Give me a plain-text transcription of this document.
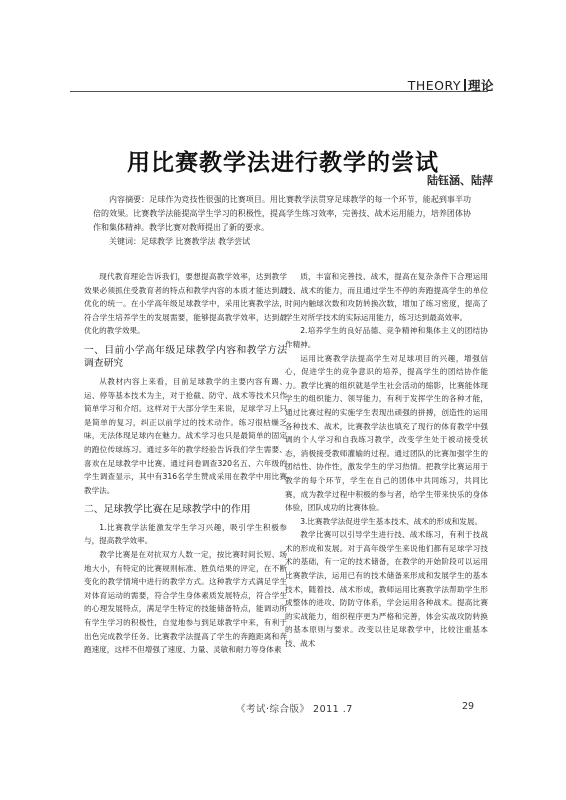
THEORY 理论
用比赛教学法进行教学的尝试
陆钰涵、陆萍
内容摘要：足球作为竞技性很强的比赛项目。用比赛教学法贯穿足球教学的每一个环节，能起到事半功倍的效果。比赛教学法能提高学生学习的积极性，提高学生练习效率，完善技、战术运用能力，培养团体协作和集体精神。教学比赛对教师提出了新的要求。
关键词：足球教学 比赛教学法 教学尝试

现代教育理论告诉我们，要想提高教学效率，达到教学效果必须抓住受教育者的特点和教学内容的本质才能达到最优化的统一。在小学高年级足球教学中，采用比赛教学法，符合学生培养学生的发展需要，能够提高教学效率，达到最优化的教学效果。

一、目前小学高年级足球教学内容和教学方法调查研究

从教材内容上来看，目前足球教学的主要内容有踢、运、停等基本技术为主，对于抢截、防守、战术等技术只作简单学习和介绍。这样对于大部分学生来说，足球学习上只是简单的复习，纠正以前学过的技术动作。练习很枯燥乏味，无法体现足球内在魅力。战术学习也只是最简单的固定的跑位传球练习。通过多年的教学经验告诉我们学生需要、喜欢在足球教学中比赛。通过问卷调查320名五、六年级的学生调查显示，其中有316名学生赞成采用在教学中用比赛教学法。

二、足球教学比赛在足球教学中的作用

1.比赛教学法能激发学生学习兴趣，吸引学生积极参与，提高教学效率。

教学比赛是在对抗双方人数一定，按比赛时间长短、场地大小，有特定的比赛规则标准、胜负结果的评定，在不断变化的教学情境中进行的教学方式。这种教学方式满足学生对体育运动的需要，符合学生身体素质发展特点，符合学生的心理发展特点，满足学生特定的技能储备特点，能调动所有学生学习的积极性，自觉地参与到足球教学中来，有利于出色完成教学任务。比赛教学法提高了学生的奔跑距离和奔跑速度，这样不但增强了速度、力量、灵敏和耐力等身体素

质，丰富和完善技、战术，提高在复杂条件下合理运用技、战术的能力，而且通过学生不停的奔跑提高学生的单位时间内触球次数和攻防转换次数，增加了练习密度，提高了学生对所学技术的实际运用能力，练习达到最高效率。

2.培养学生的良好品德、竞争精神和集体主义的团结协作精神。

运用比赛教学法提高学生对足球项目的兴趣，增强信心，促进学生的竞争意识的培养，提高学生的团结协作能力。教学比赛的组织就是学生社会活动的缩影，比赛能体现学生的组织能力、领导能力，有利于发挥学生的各种才能，通过比赛过程的实施学生表现出顽强的拼搏，创造性的运用各种技术、战术，比赛教学法也填充了现行的体育教学中强调的个人学习和自我练习教学，改变学生处于被动接受状态，消极接受教师灌输的过程。通过团队的比赛加强学生的团结性、协作性，激发学生的学习热情。把教学比赛运用于教学的每个环节，学生在自己的团体中共同练习，共同比赛，成为教学过程中积极的参与者，给学生带来快乐的身体体验，团队成功的比赛体验。

3.比赛教学法促进学生基本技术、战术的形成和发展。

教学比赛可以引导学生进行技、战术练习，有利于技战术的形成和发展。对于高年级学生来说他们都有足球学习技术的基础，有一定的技术储备，在教学的开始阶段可以运用比赛教学法，运用已有的技术储备来形成和发展学生的基本技术，随着技、战术形成，教师运用比赛教学法帮助学生形成整体的进攻、防防守体系，学会运用各种战术。提高比赛的实战能力，组织程序更为严格和完善，体会实战攻防转换的基本原则与要求。改变以往足球教学中，比较注重基本技、战术

《考试·综合版》 2011 .7	29
